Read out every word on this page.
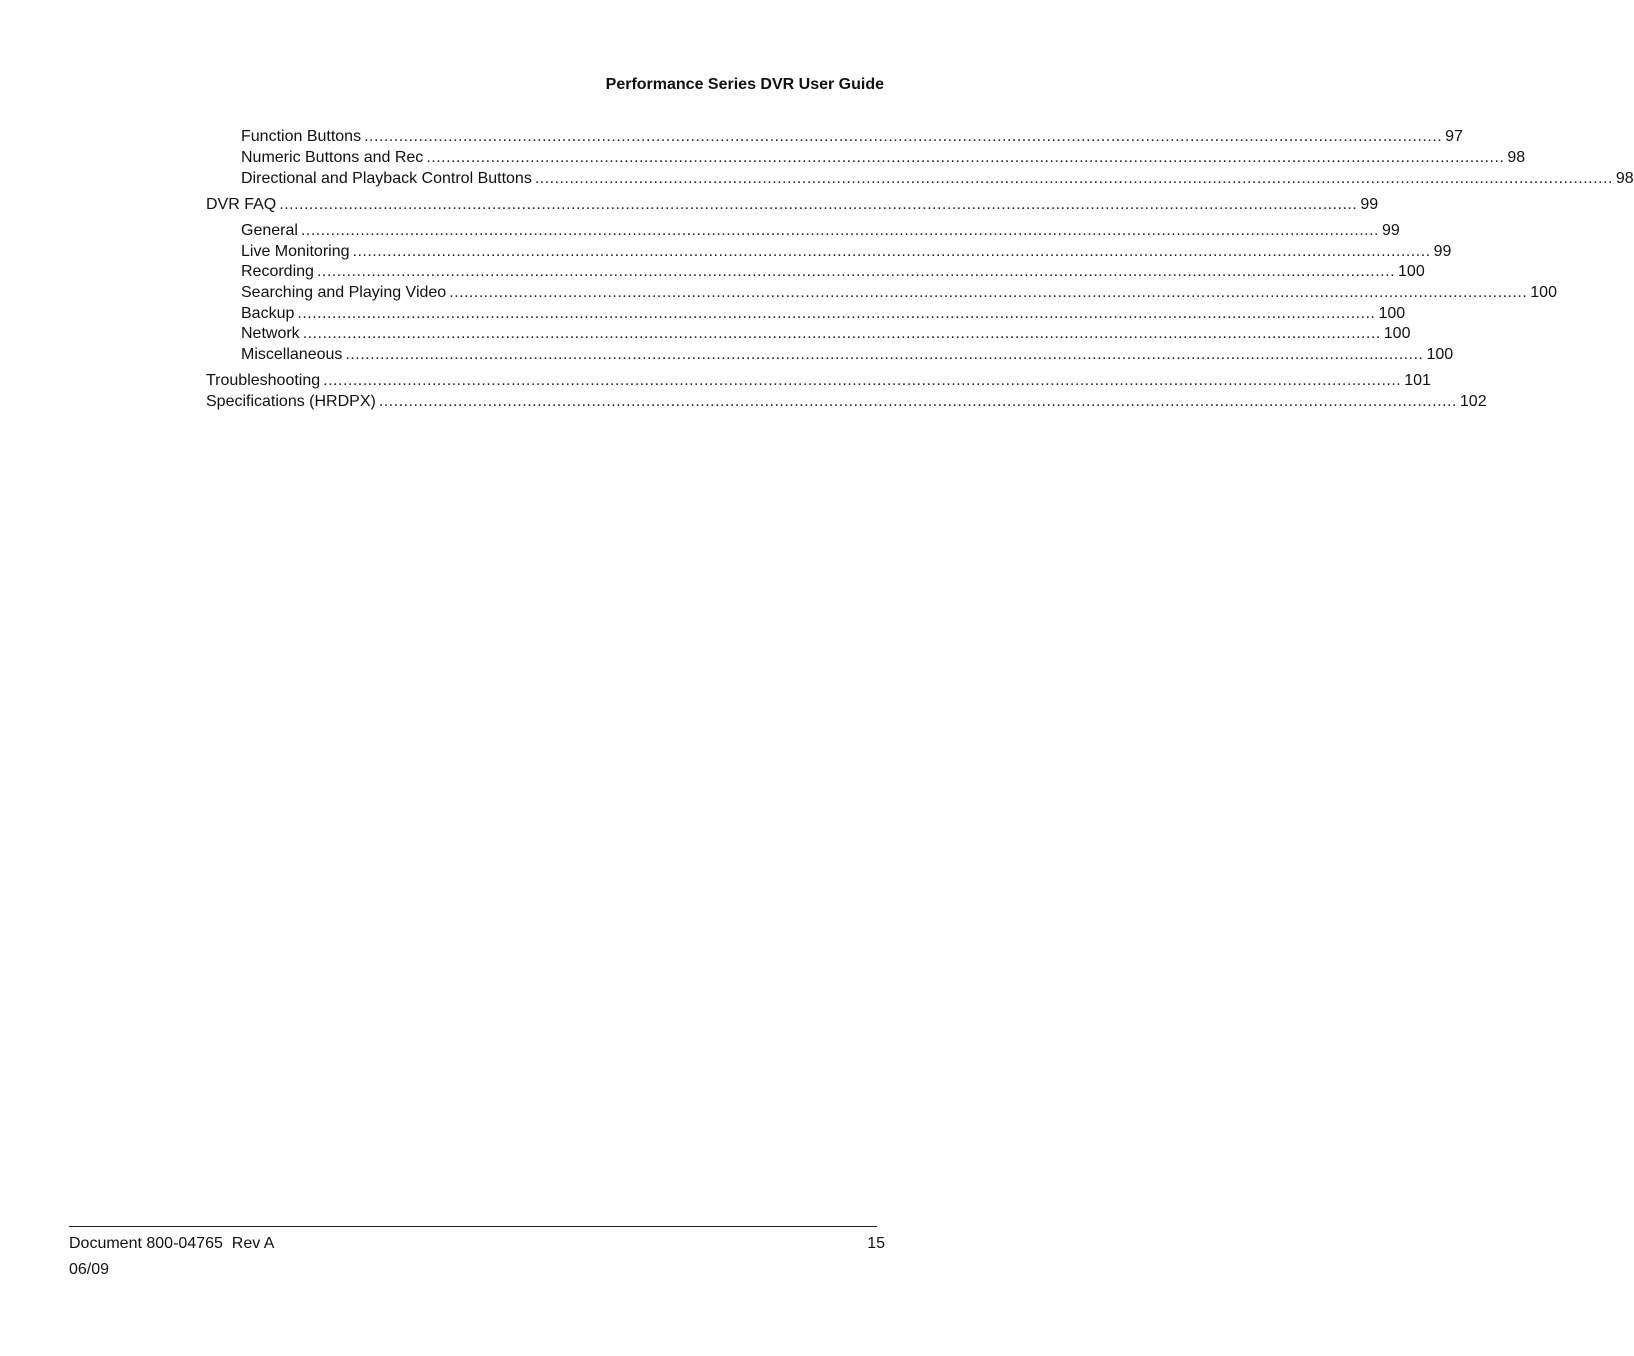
Performance Series DVR User Guide
Function Buttons .......................................................................................................................................................................................................................... 97
Numeric Buttons and Rec .......................................................................................................................................................................................................................... 98
Directional and Playback Control Buttons .......................................................................................................................................................................................................................... 98
DVR FAQ .......................................................................................................................................................................................................................... 99
General .......................................................................................................................................................................................................................... 99
Live Monitoring .......................................................................................................................................................................................................................... 99
Recording .......................................................................................................................................................................................................................... 100
Searching and Playing Video .......................................................................................................................................................................................................................... 100
Backup .......................................................................................................................................................................................................................... 100
Network .......................................................................................................................................................................................................................... 100
Miscellaneous .......................................................................................................................................................................................................................... 100
Troubleshooting .......................................................................................................................................................................................................................... 101
Specifications (HRDPX) .......................................................................................................................................................................................................................... 102
Document 800-04765  Rev A
06/09
15
